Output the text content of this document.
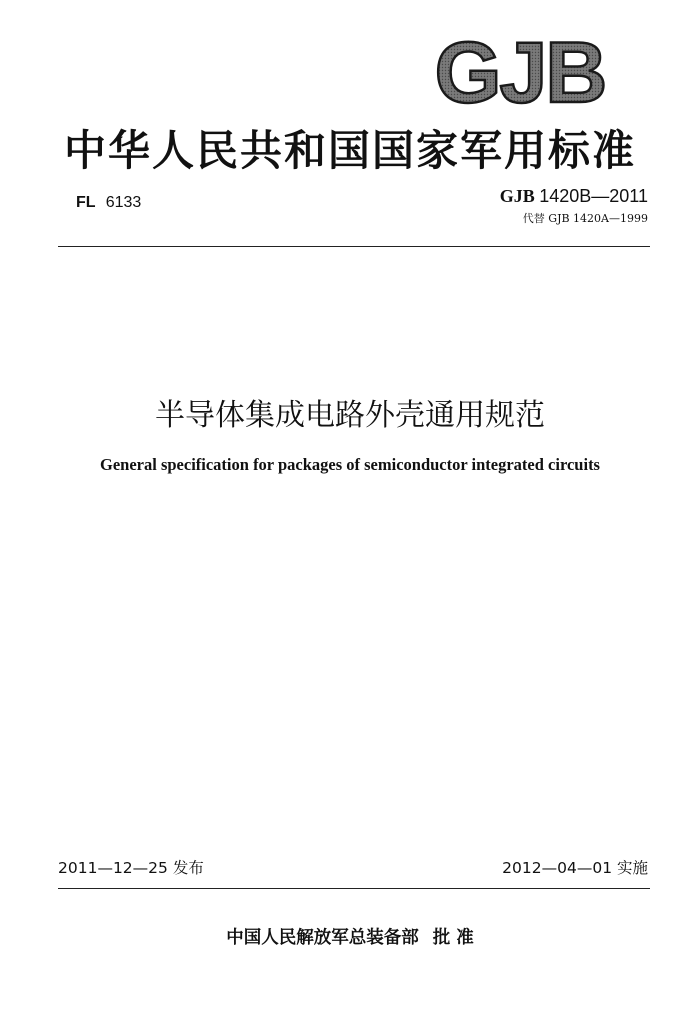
GJB
中华人民共和国国家军用标准
FL 6133	GJB 1420B—2011
代替 GJB 1420A—1999
半导体集成电路外壳通用规范
General specification for packages of semiconductor integrated circuits
2011—12—25 发布	2012—04—01 实施
中国人民解放军总装备部 批 准
